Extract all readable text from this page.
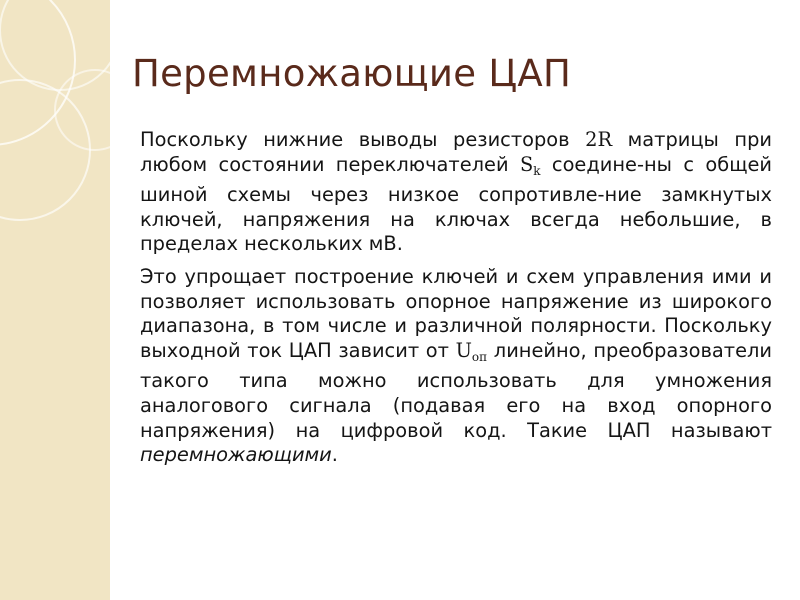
Перемножающие ЦАП

Поскольку нижние выводы резисторов 2R матрицы при любом состоянии переключателей $S_k$ соедине-ны с общей шиной схемы через низкое сопротивле-ние замкнутых ключей, напряжения на ключах всегда небольшие, в пределах нескольких мВ.

Это упрощает построение ключей и схем управления ими и позволяет использовать опорное напряжение из широкого диапазона, в том числе и различной полярности. Поскольку выходной ток ЦАП зависит от $U_{оп}$ линейно, преобразователи такого типа можно использовать для умножения аналогового сигнала (подавая его на вход опорного напряжения) на цифровой код. Такие ЦАП называют перемножающими.
